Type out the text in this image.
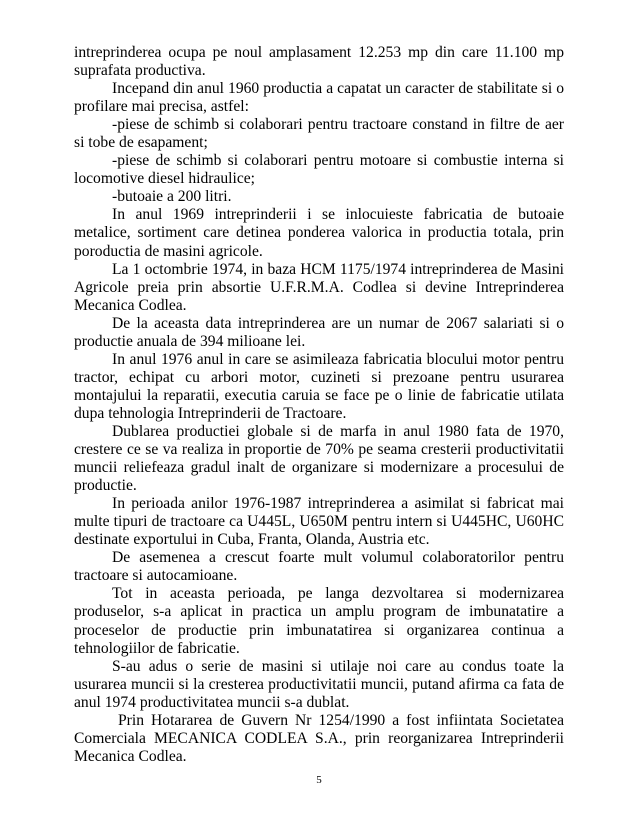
intreprinderea ocupa pe noul amplasament 12.253 mp din care 11.100 mp suprafata productiva.

Incepand din anul 1960 productia a capatat un caracter de stabilitate si o profilare mai precisa, astfel:

-piese de schimb si colaborari pentru tractoare constand in filtre de aer si tobe de esapament;

-piese de schimb si colaborari pentru motoare si combustie interna si locomotive diesel hidraulice;

-butoaie a 200 litri.

In anul 1969 intreprinderii i se inlocuieste fabricatia de butoaie metalice, sortiment care detinea ponderea valorica in productia totala, prin poroductia de masini agricole.

La 1 octombrie 1974, in baza HCM 1175/1974 intreprinderea de Masini Agricole preia prin absortie U.F.R.M.A. Codlea si devine Intreprinderea Mecanica Codlea.

De la aceasta data intreprinderea are un numar de 2067 salariati si o productie anuala de 394 milioane lei.

In anul 1976 anul in care se asimileaza fabricatia blocului motor pentru tractor, echipat cu arbori motor, cuzineti si prezoane pentru usurarea montajului la reparatii, executia caruia se face pe o linie de fabricatie utilata dupa tehnologia Intreprinderii de Tractoare.

Dublarea productiei globale si de marfa in anul 1980 fata de 1970, crestere ce se va realiza in proportie de 70% pe seama cresterii productivitatii muncii reliefeaza gradul inalt de organizare si modernizare a procesului de productie.

In perioada anilor 1976-1987 intreprinderea a asimilat si fabricat mai multe tipuri de tractoare ca U445L, U650M pentru intern si U445HC, U60HC destinate exportului in Cuba, Franta, Olanda, Austria etc.

De asemenea a crescut foarte mult volumul colaboratorilor pentru tractoare si autocamioane.

Tot in aceasta perioada, pe langa dezvoltarea si modernizarea produselor, s-a aplicat in practica un amplu program de imbunatatire a proceselor de productie prin imbunatatirea si organizarea continua a tehnologiilor de fabricatie.

S-au adus o serie de masini si utilaje noi care au condus toate la usurarea muncii si la cresterea productivitatii muncii, putand afirma ca fata de anul 1974 productivitatea muncii s-a dublat.

Prin Hotararea de Guvern Nr 1254/1990 a fost infiintata Societatea Comerciala MECANICA CODLEA S.A., prin reorganizarea Intreprinderii Mecanica Codlea.

5
